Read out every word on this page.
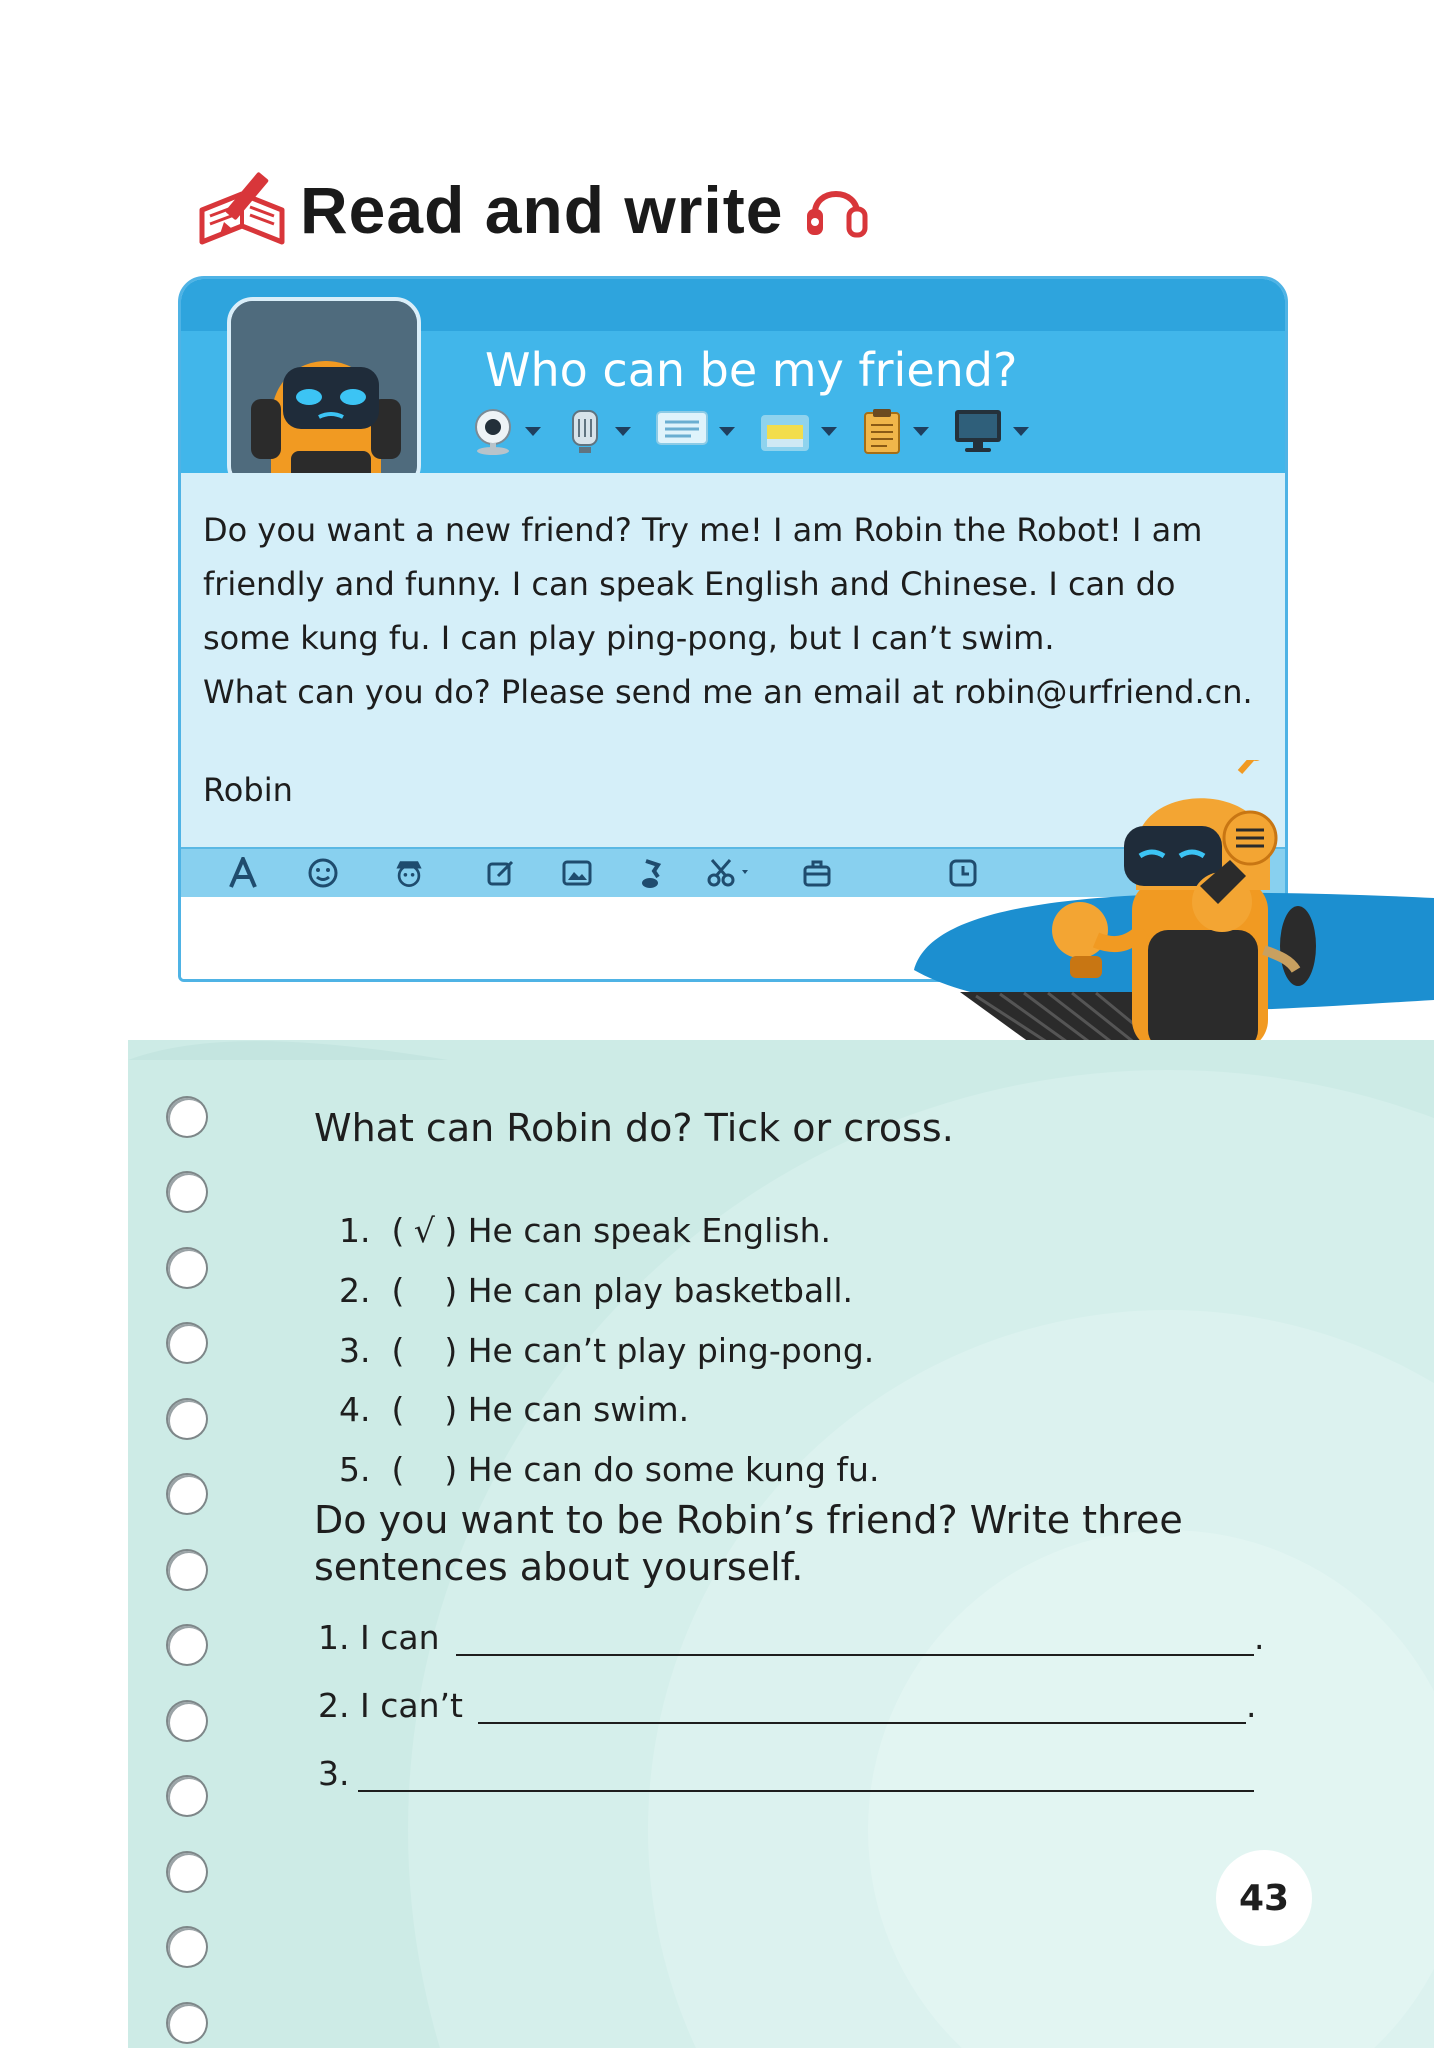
Read and write
Who can be my friend?

Do you want a new friend? Try me! I am Robin the Robot! I am

friendly and funny. I can speak English and Chinese. I can do

some kung fu. I can play ping-pong, but I can’t swim.

What can you do? Please send me an email at robin@urfriend.cn.

Robin
What can Robin do? Tick or cross.

1.  ( √ ) He can speak English.

2.  ( ) He can play basketball.

3.  ( ) He can’t play ping-pong.

4.  ( ) He can swim.

5.  ( ) He can do some kung fu.

Do you want to be Robin’s friend? Write three
sentences about yourself.
1. I can	.
2. I can’t	.
3.
43
